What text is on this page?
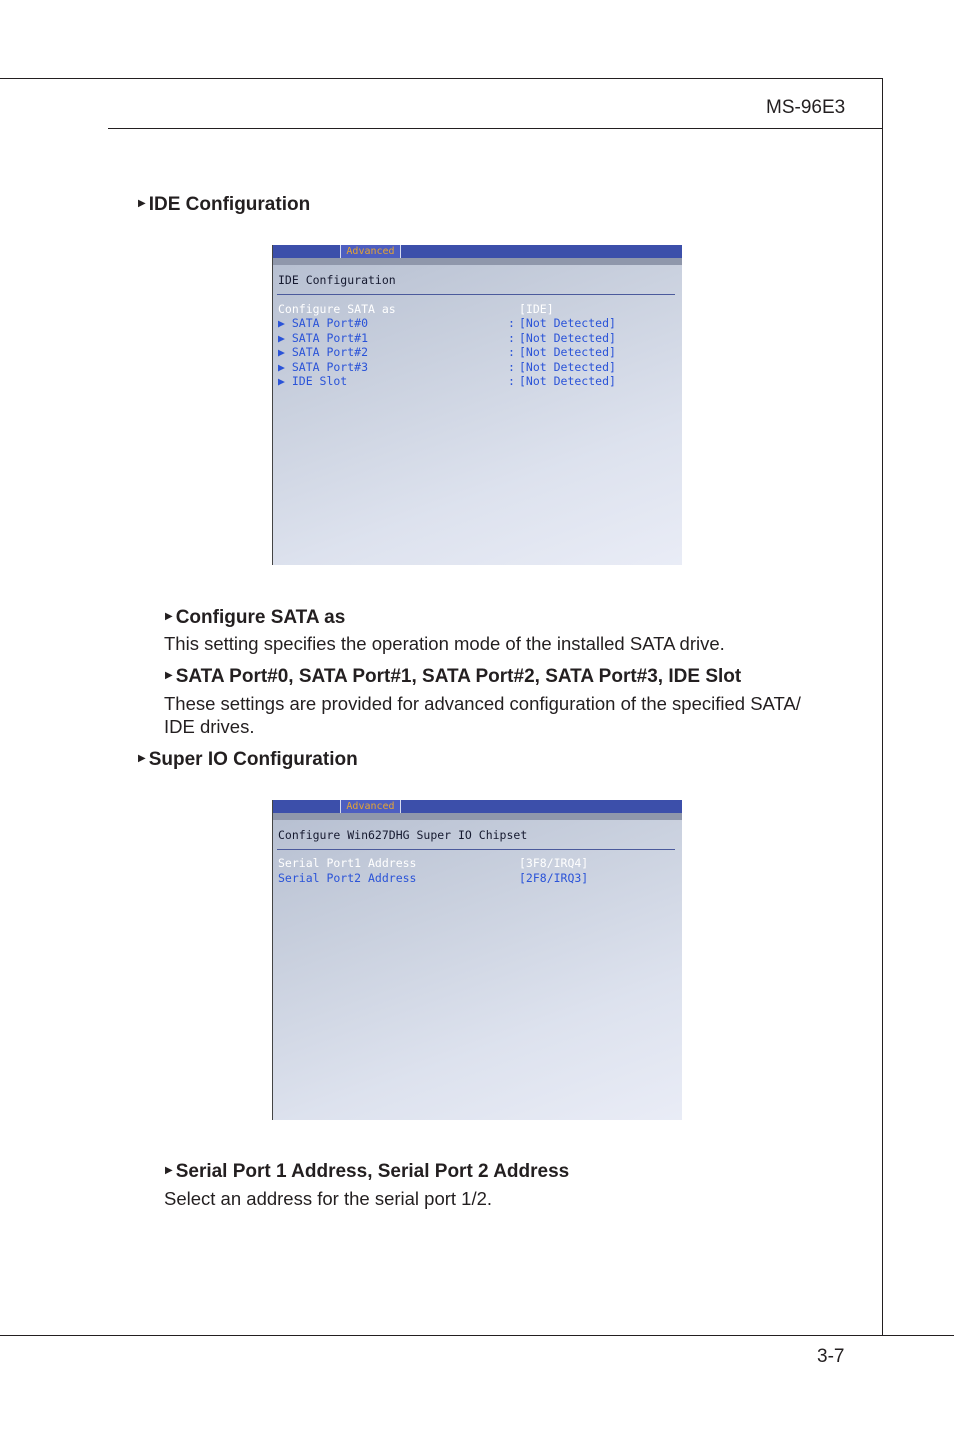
MS-96E3
▶ IDE Configuration
Advanced
IDE Configuration
Configure SATA as	[IDE]
▶ SATA Port#0	: [Not Detected]
▶ SATA Port#1	: [Not Detected]
▶ SATA Port#2	: [Not Detected]
▶ SATA Port#3	: [Not Detected]
▶ IDE Slot	: [Not Detected]
▶ Configure SATA as
This setting specifies the operation mode of the installed SATA drive.
▶ SATA Port#0, SATA Port#1, SATA Port#2, SATA Port#3, IDE Slot
These settings are provided for advanced configuration of the specified SATA/ IDE drives.
▶ Super IO Configuration
Advanced
Configure Win627DHG Super IO Chipset
Serial Port1 Address	[3F8/IRQ4]
Serial Port2 Address	[2F8/IRQ3]
▶ Serial Port 1 Address, Serial Port 2 Address
Select an address for the serial port 1/2.
3-7
